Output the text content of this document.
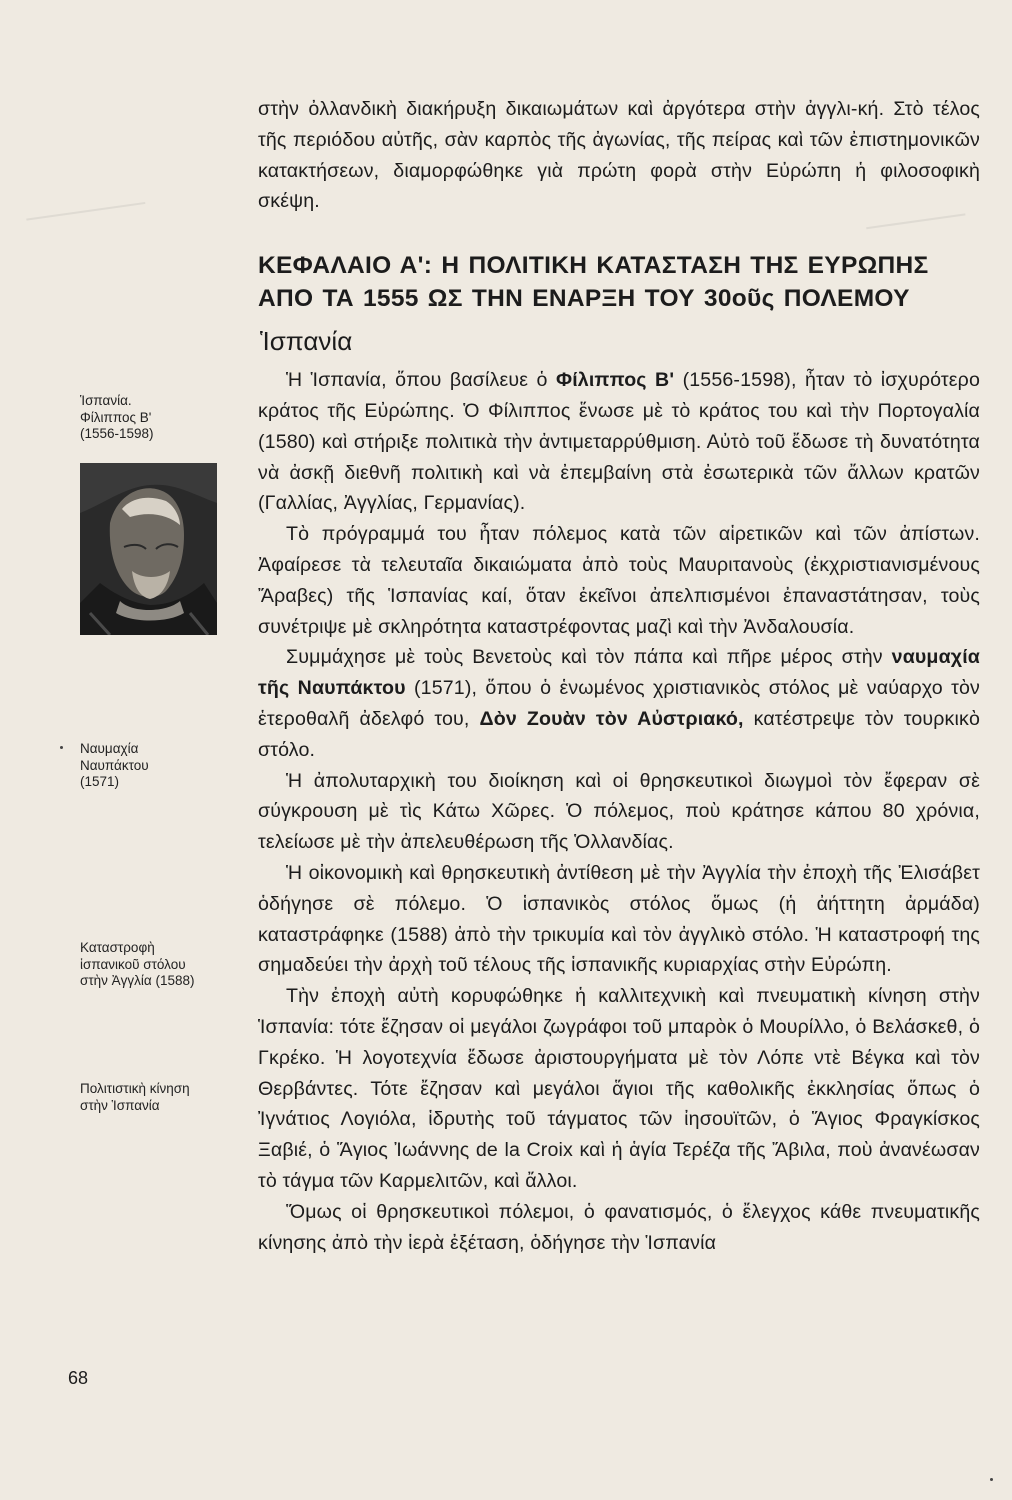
στὴν ὀλλανδικὴ διακήρυξη δικαιωμάτων καὶ ἀργότερα στὴν ἀγγλι-κή. Στὸ τέλος τῆς περιόδου αὐτῆς, σὰν καρπὸς τῆς ἀγωνίας, τῆς πείρας καὶ τῶν ἐπιστημονικῶν κατακτήσεων, διαμορφώθηκε γιὰ πρώτη φορὰ στὴν Εὐρώπη ἡ φιλοσοφικὴ σκέψη.

ΚΕΦΑΛΑΙΟ Α': Η ΠΟΛΙΤΙΚΗ ΚΑΤΑΣΤΑΣΗ ΤΗΣ ΕΥΡΩΠΗΣ
ΑΠΟ ΤΑ 1555 ΩΣ ΤΗΝ ΕΝΑΡΞΗ ΤΟΥ 30οῦς ΠΟΛΕΜΟΥ
Ἱσπανία

Ἡ Ἱσπανία, ὅπου βασίλευε ὁ Φίλιππος Β' (1556-1598), ἦταν τὸ ἰσχυρότερο κράτος τῆς Εὐρώπης. Ὁ Φίλιππος ἕνωσε μὲ τὸ κράτος του καὶ τὴν Πορτογαλία (1580) καὶ στήριξε πολιτικὰ τὴν ἀντιμεταρρύθμιση. Αὐτὸ τοῦ ἔδωσε τὴ δυνατότητα νὰ ἀσκῇ διεθνῆ πολιτικὴ καὶ νὰ ἐπεμβαίνη στὰ ἐσωτερικὰ τῶν ἄλλων κρατῶν (Γαλλίας, Ἀγγλίας, Γερμανίας).

Τὸ πρόγραμμά του ἦταν πόλεμος κατὰ τῶν αἱρετικῶν καὶ τῶν ἀπίστων. Ἀφαίρεσε τὰ τελευταῖα δικαιώματα ἀπὸ τοὺς Μαυριτανοὺς (ἐκχριστιανισμένους Ἄραβες) τῆς Ἱσπανίας καί, ὅταν ἐκεῖνοι ἀπελπισμένοι ἐπαναστάτησαν, τοὺς συνέτριψε μὲ σκληρότητα καταστρέφοντας μαζὶ καὶ τὴν Ἀνδαλουσία.

Συμμάχησε μὲ τοὺς Βενετοὺς καὶ τὸν πάπα καὶ πῆρε μέρος στὴν ναυμαχία τῆς Ναυπάκτου (1571), ὅπου ὁ ἑνωμένος χριστιανικὸς στόλος μὲ ναύαρχο τὸν ἑτεροθαλῆ ἀδελφό του, Δὸν Ζουὰν τὸν Αὐστριακό, κατέστρεψε τὸν τουρκικὸ στόλο.

Ἡ ἀπολυταρχικὴ του διοίκηση καὶ οἱ θρησκευτικοὶ διωγμοὶ τὸν ἔφεραν σὲ σύγκρουση μὲ τὶς Κάτω Χῶρες. Ὁ πόλεμος, ποὺ κράτησε κάπου 80 χρόνια, τελείωσε μὲ τὴν ἀπελευθέρωση τῆς Ὁλλανδίας.

Ἡ οἰκονομικὴ καὶ θρησκευτικὴ ἀντίθεση μὲ τὴν Ἀγγλία τὴν ἐποχὴ τῆς Ἐλισάβετ ὁδήγησε σὲ πόλεμο. Ὁ ἱσπανικὸς στόλος ὅμως (ἡ ἀήττητη ἀρμάδα) καταστράφηκε (1588) ἀπὸ τὴν τρικυμία καὶ τὸν ἀγγλικὸ στόλο. Ἡ καταστροφή της σημαδεύει τὴν ἀρχὴ τοῦ τέλους τῆς ἱσπανικῆς κυριαρχίας στὴν Εὐρώπη.

Τὴν ἐποχὴ αὐτὴ κορυφώθηκε ἡ καλλιτεχνικὴ καὶ πνευματικὴ κίνηση στὴν Ἱσπανία: τότε ἔζησαν οἱ μεγάλοι ζωγράφοι τοῦ μπαρὸκ ὁ Μουρίλλο, ὁ Βελάσκεθ, ὁ Γκρέκο. Ἡ λογοτεχνία ἔδωσε ἀριστουργήματα μὲ τὸν Λόπε ντὲ Βέγκα καὶ τὸν Θερβάντες. Τότε ἔζησαν καὶ μεγάλοι ἅγιοι τῆς καθολικῆς ἐκκλησίας ὅπως ὁ Ἰγνάτιος Λογιόλα, ἱδρυτὴς τοῦ τάγματος τῶν ἰησουϊτῶν, ὁ Ἅγιος Φραγκίσκος Ξαβιέ, ὁ Ἅγιος Ἰωάννης de la Croix καὶ ἡ ἁγία Τερέζα τῆς Ἄβιλα, ποὺ ἀνανέωσαν τὸ τάγμα τῶν Καρμελιτῶν, καὶ ἄλλοι.

Ὅμως οἱ θρησκευτικοὶ πόλεμοι, ὁ φανατισμός, ὁ ἔλεγχος κάθε πνευματικῆς κίνησης ἀπὸ τὴν ἱερὰ ἐξέταση, ὁδήγησε τὴν Ἱσπανία

Ἱσπανία.
Φίλιππος Β'
(1556-1598)
Ναυμαχία
Ναυπάκτου
(1571)
Καταστροφὴ
ἱσπανικοῦ στόλου
στὴν Ἀγγλία (1588)
Πολιτιστικὴ κίνηση
στὴν Ἱσπανία
68
